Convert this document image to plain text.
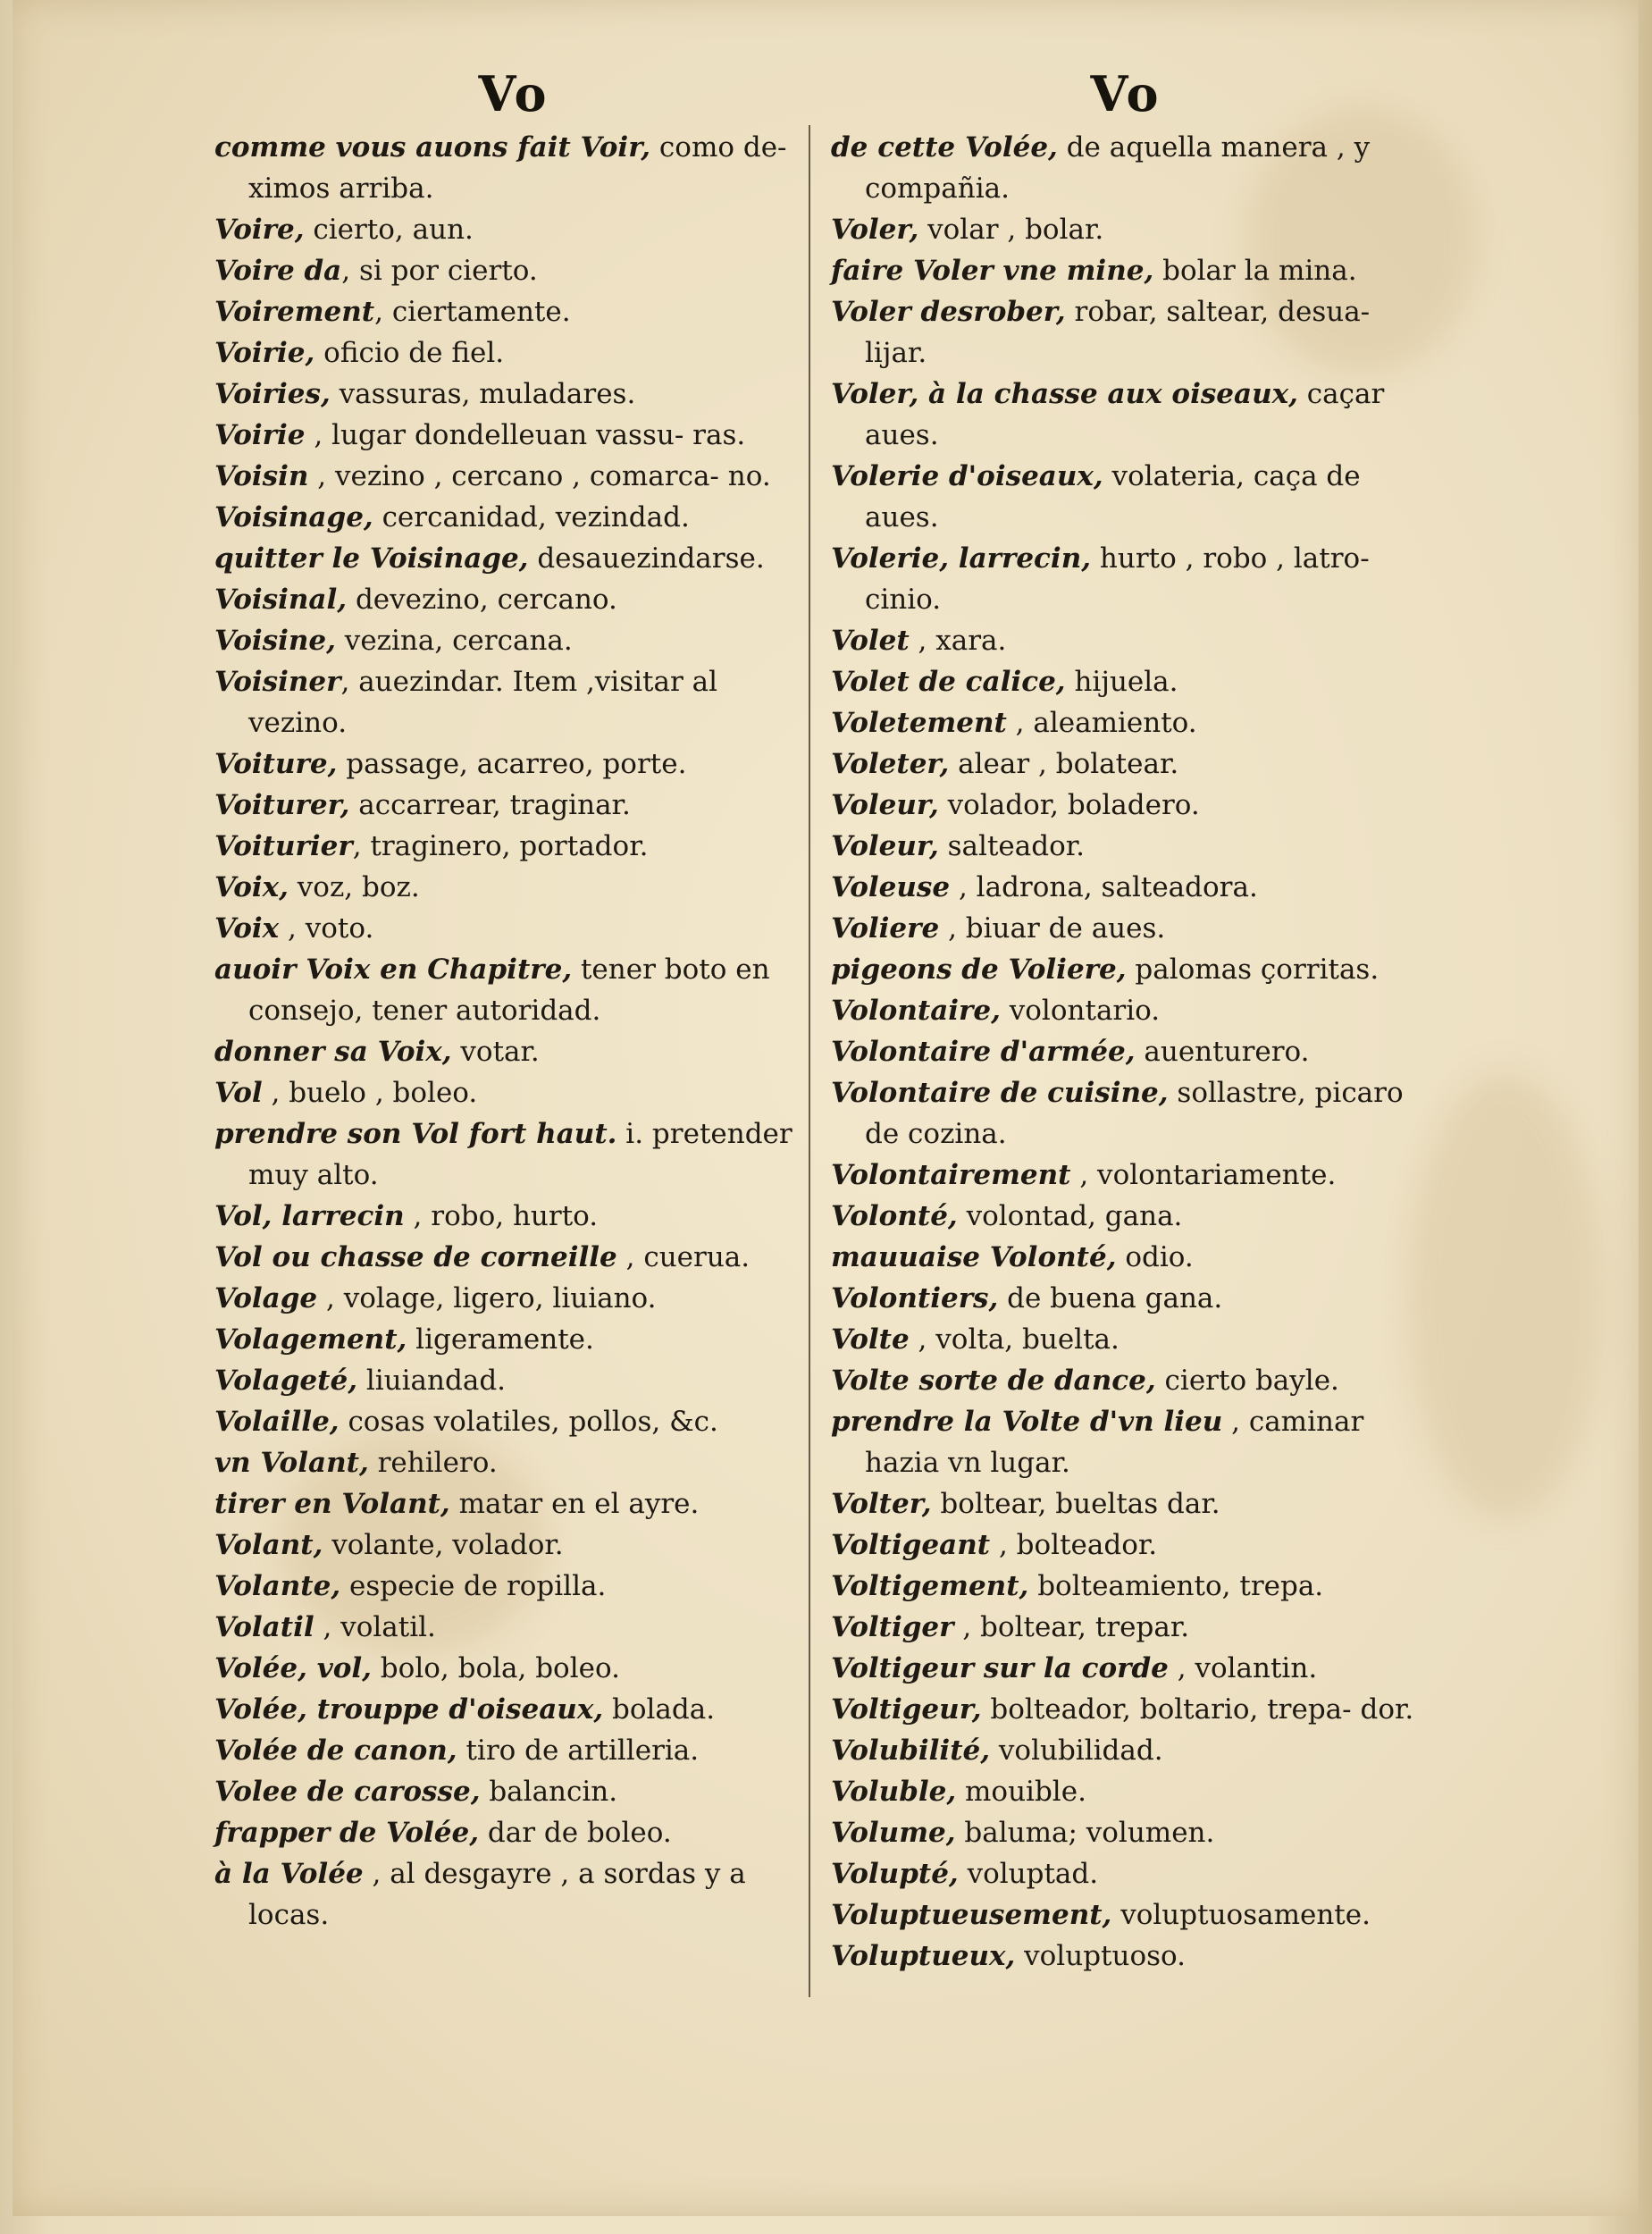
Vo
comme vous auons fait Voir, como de- ximos arriba.
Voire, cierto, aun.
Voire da, si por cierto.
Voirement, ciertamente.
Voirie, oficio de fiel.
Voiries, vassuras, muladares.
Voirie , lugar dondelleuan vassu- ras.
Voisin , vezino , cercano , comarca- no.
Voisinage, cercanidad, vezindad.
quitter le Voisinage, desauezindarse.
Voisinal, devezino, cercano.
Voisine, vezina, cercana.
Voisiner, auezindar. Item ,visitar al vezino.
Voiture, passage, acarreo, porte.
Voiturer, accarrear, traginar.
Voiturier, traginero, portador.
Voix, voz, boz.
Voix , voto.
auoir Voix en Chapitre, tener boto en consejo, tener autoridad.
donner sa Voix, votar.
Vol , buelo , boleo.
prendre son Vol fort haut. i. pretender muy alto.
Vol, larrecin , robo, hurto.
Vol ou chasse de corneille , cuerua.
Volage , volage, ligero, liuiano.
Volagement, ligeramente.
Volageté, liuiandad.
Volaille, cosas volatiles, pollos, &c.
vn Volant, rehilero.
tirer en Volant, matar en el ayre.
Volant, volante, volador.
Volante, especie de ropilla.
Volatil , volatil.
Volée, vol, bolo, bola, boleo.
Volée, trouppe d'oiseaux, bolada.
Volée de canon, tiro de artilleria.
Volee de carosse, balancin.
frapper de Volée, dar de boleo.
à la Volée , al desgayre , a sordas y a locas.
Vo
de cette Volée, de aquella manera , y compañia.
Voler, volar , bolar.
faire Voler vne mine, bolar la mina.
Voler desrober, robar, saltear, desua- lijar.
Voler, à la chasse aux oiseaux, caçar aues.
Volerie d'oiseaux, volateria, caça de aues.
Volerie, larrecin, hurto , robo , latro- cinio.
Volet , xara.
Volet de calice, hijuela.
Voletement , aleamiento.
Voleter, alear , bolatear.
Voleur, volador, boladero.
Voleur, salteador.
Voleuse , ladrona, salteadora.
Voliere , biuar de aues.
pigeons de Voliere, palomas çorritas.
Volontaire, volontario.
Volontaire d'armée, auenturero.
Volontaire de cuisine, sollastre, picaro de cozina.
Volontairement , volontariamente.
Volonté, volontad, gana.
mauuaise Volonté, odio.
Volontiers, de buena gana.
Volte , volta, buelta.
Volte sorte de dance, cierto bayle.
prendre la Volte d'vn lieu , caminar hazia vn lugar.
Volter, boltear, bueltas dar.
Voltigeant , bolteador.
Voltigement, bolteamiento, trepa.
Voltiger , boltear, trepar.
Voltigeur sur la corde , volantin.
Voltigeur, bolteador, boltario, trepa- dor.
Volubilité, volubilidad.
Voluble, mouible.
Volume, baluma; volumen.
Volupté, voluptad.
Voluptueusement, voluptuosamente.
Voluptueux, voluptuoso.
